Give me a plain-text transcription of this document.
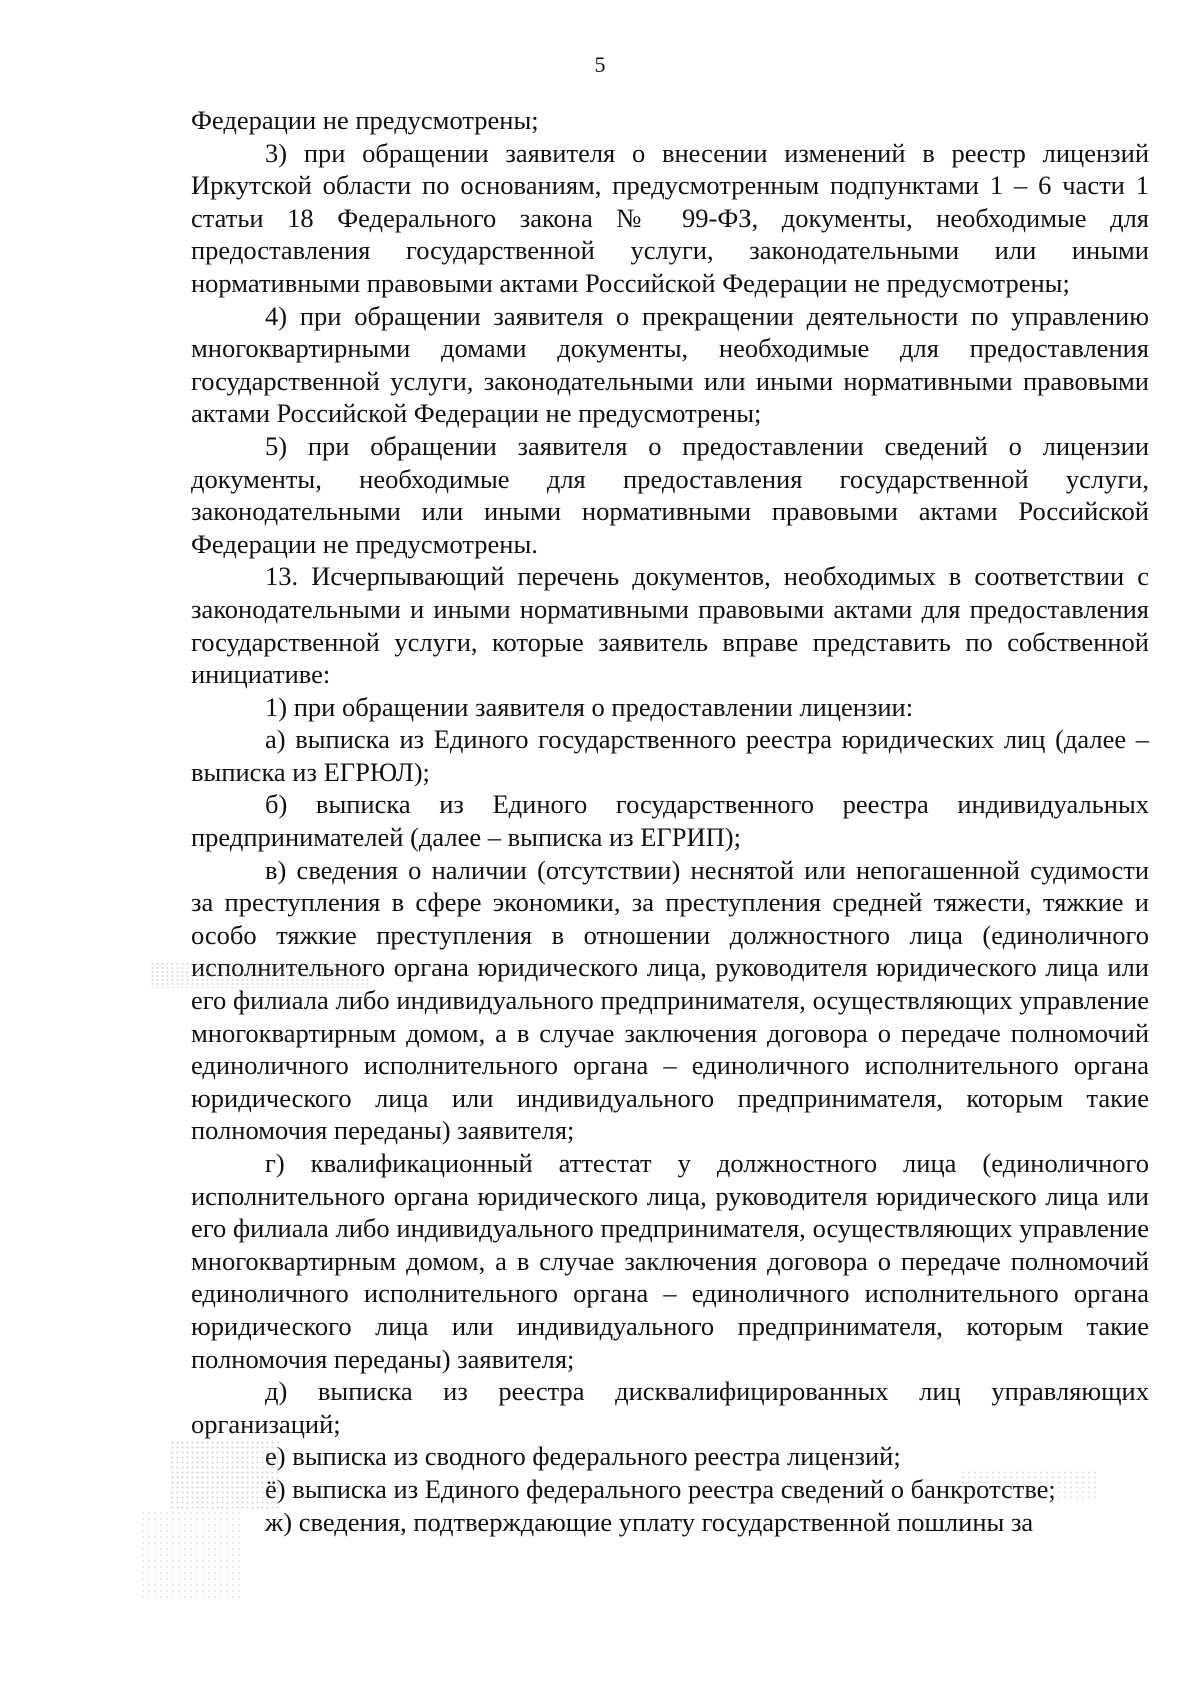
5

Федерации не предусмотрены;

3) при обращении заявителя о внесении изменений в реестр лицензий Иркутской области по основаниям, предусмотренным подпунктами 1 – 6 части 1 статьи 18 Федерального закона № 99-ФЗ, документы, необходимые для предоставления государственной услуги, законодательными или иными нормативными правовыми актами Российской Федерации не предусмотрены;

4) при обращении заявителя о прекращении деятельности по управлению многоквартирными домами документы, необходимые для предоставления государственной услуги, законодательными или иными нормативными правовыми актами Российской Федерации не предусмотрены;

5) при обращении заявителя о предоставлении сведений о лицензии документы, необходимые для предоставления государственной услуги, законодательными или иными нормативными правовыми актами Российской Федерации не предусмотрены.

13. Исчерпывающий перечень документов, необходимых в соответствии с законодательными и иными нормативными правовыми актами для предоставления государственной услуги, которые заявитель вправе представить по собственной инициативе:

1) при обращении заявителя о предоставлении лицензии:

а) выписка из Единого государственного реестра юридических лиц (далее – выписка из ЕГРЮЛ);

б) выписка из Единого государственного реестра индивидуальных предпринимателей (далее – выписка из ЕГРИП);

в) сведения о наличии (отсутствии) неснятой или непогашенной судимости за преступления в сфере экономики, за преступления средней тяжести, тяжкие и особо тяжкие преступления в отношении должностного лица (единоличного исполнительного органа юридического лица, руководителя юридического лица или его филиала либо индивидуального предпринимателя, осуществляющих управление многоквартирным домом, а в случае заключения договора о передаче полномочий единоличного исполнительного органа – единоличного исполнительного органа юридического лица или индивидуального предпринимателя, которым такие полномочия переданы) заявителя;

г) квалификационный аттестат у должностного лица (единоличного исполнительного органа юридического лица, руководителя юридического лица или его филиала либо индивидуального предпринимателя, осуществляющих управление многоквартирным домом, а в случае заключения договора о передаче полномочий единоличного исполнительного органа – единоличного исполнительного органа юридического лица или индивидуального предпринимателя, которым такие полномочия переданы) заявителя;

д) выписка из реестра дисквалифицированных лиц управляющих организаций;

е) выписка из сводного федерального реестра лицензий;

ё) выписка из Единого федерального реестра сведений о банкротстве;

ж) сведения, подтверждающие уплату государственной пошлины за
